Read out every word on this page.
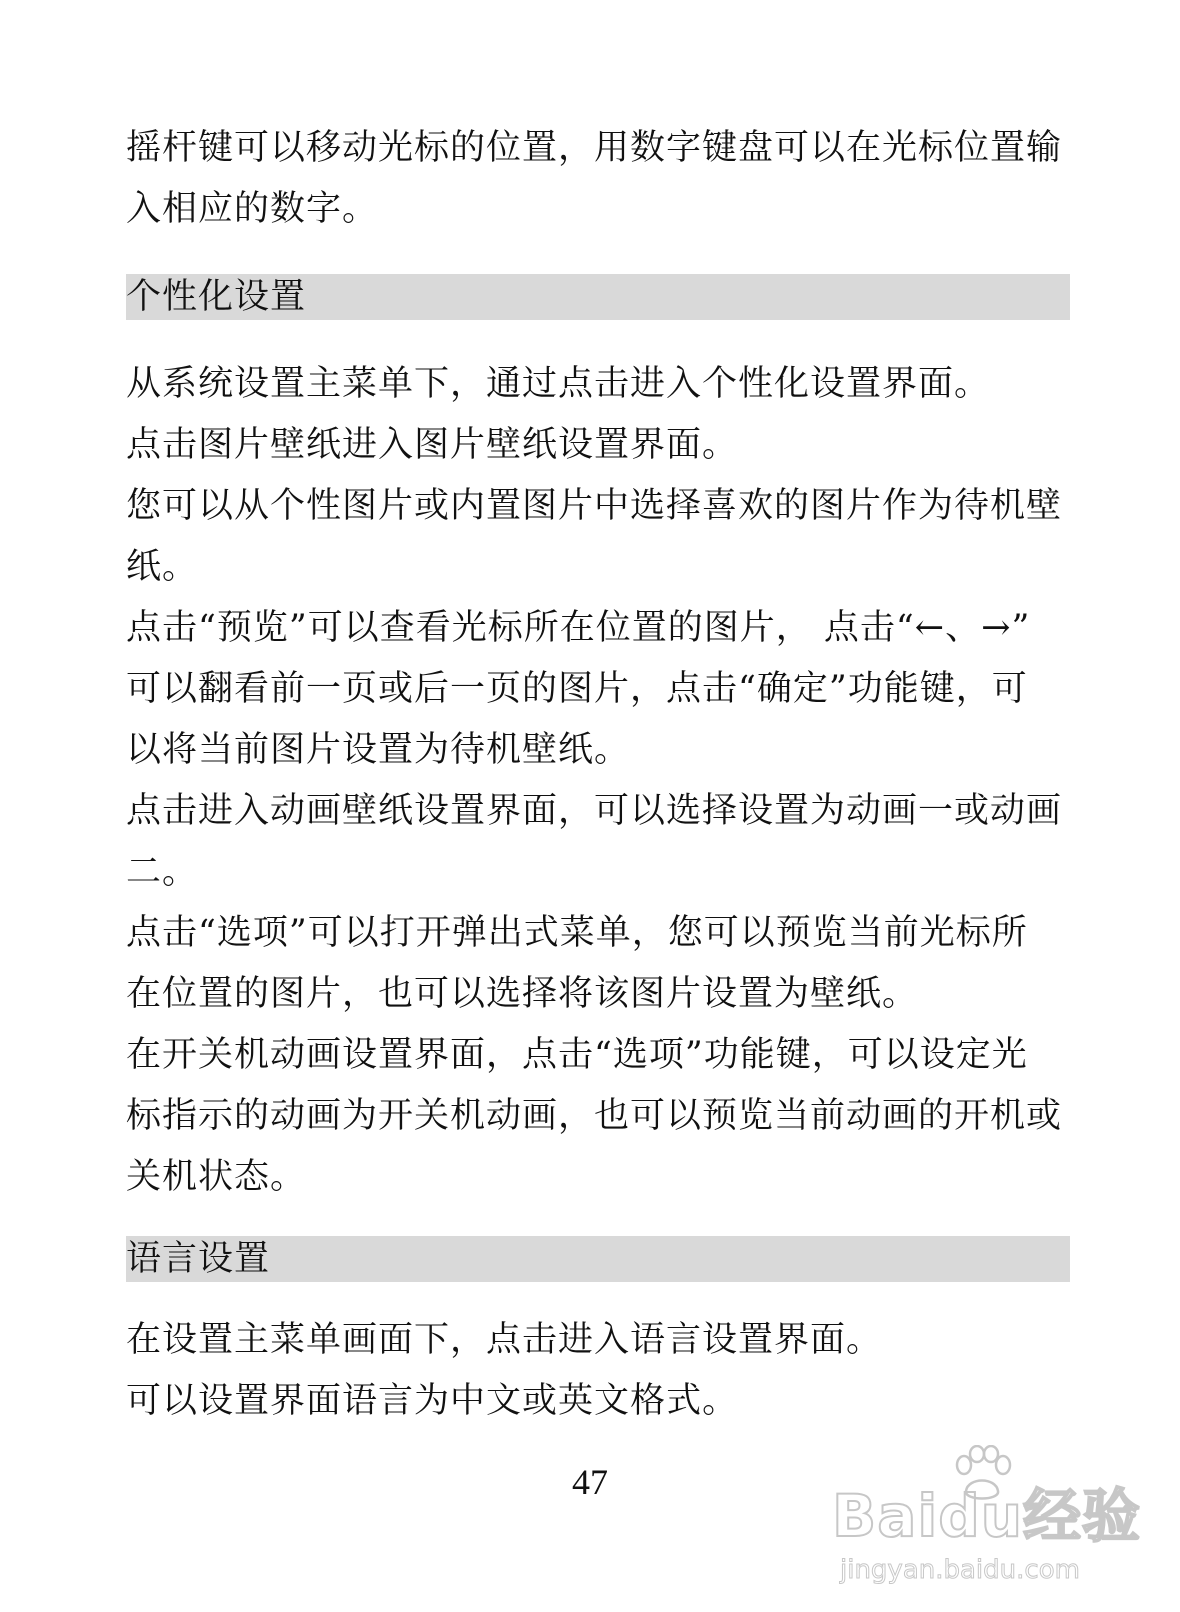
摇杆键可以移动光标的位置，用数字键盘可以在光标位置输

入相应的数字。

个性化设置

从系统设置主菜单下，通过点击进入个性化设置界面。

点击图片壁纸进入图片壁纸设置界面。

您可以从个性图片或内置图片中选择喜欢的图片作为待机壁

纸。

点击“预览”可以查看光标所在位置的图片， 点击“←、→”

可以翻看前一页或后一页的图片，点击“确定”功能键，可

以将当前图片设置为待机壁纸。

点击进入动画壁纸设置界面，可以选择设置为动画一或动画

二。

点击“选项”可以打开弹出式菜单，您可以预览当前光标所

在位置的图片，也可以选择将该图片设置为壁纸。

在开关机动画设置界面，点击“选项”功能键，可以设定光

标指示的动画为开关机动画，也可以预览当前动画的开机或

关机状态。

语言设置

在设置主菜单画面下，点击进入语言设置界面。

可以设置界面语言为中文或英文格式。

47	Baidu经验
jingyan.baidu.com
